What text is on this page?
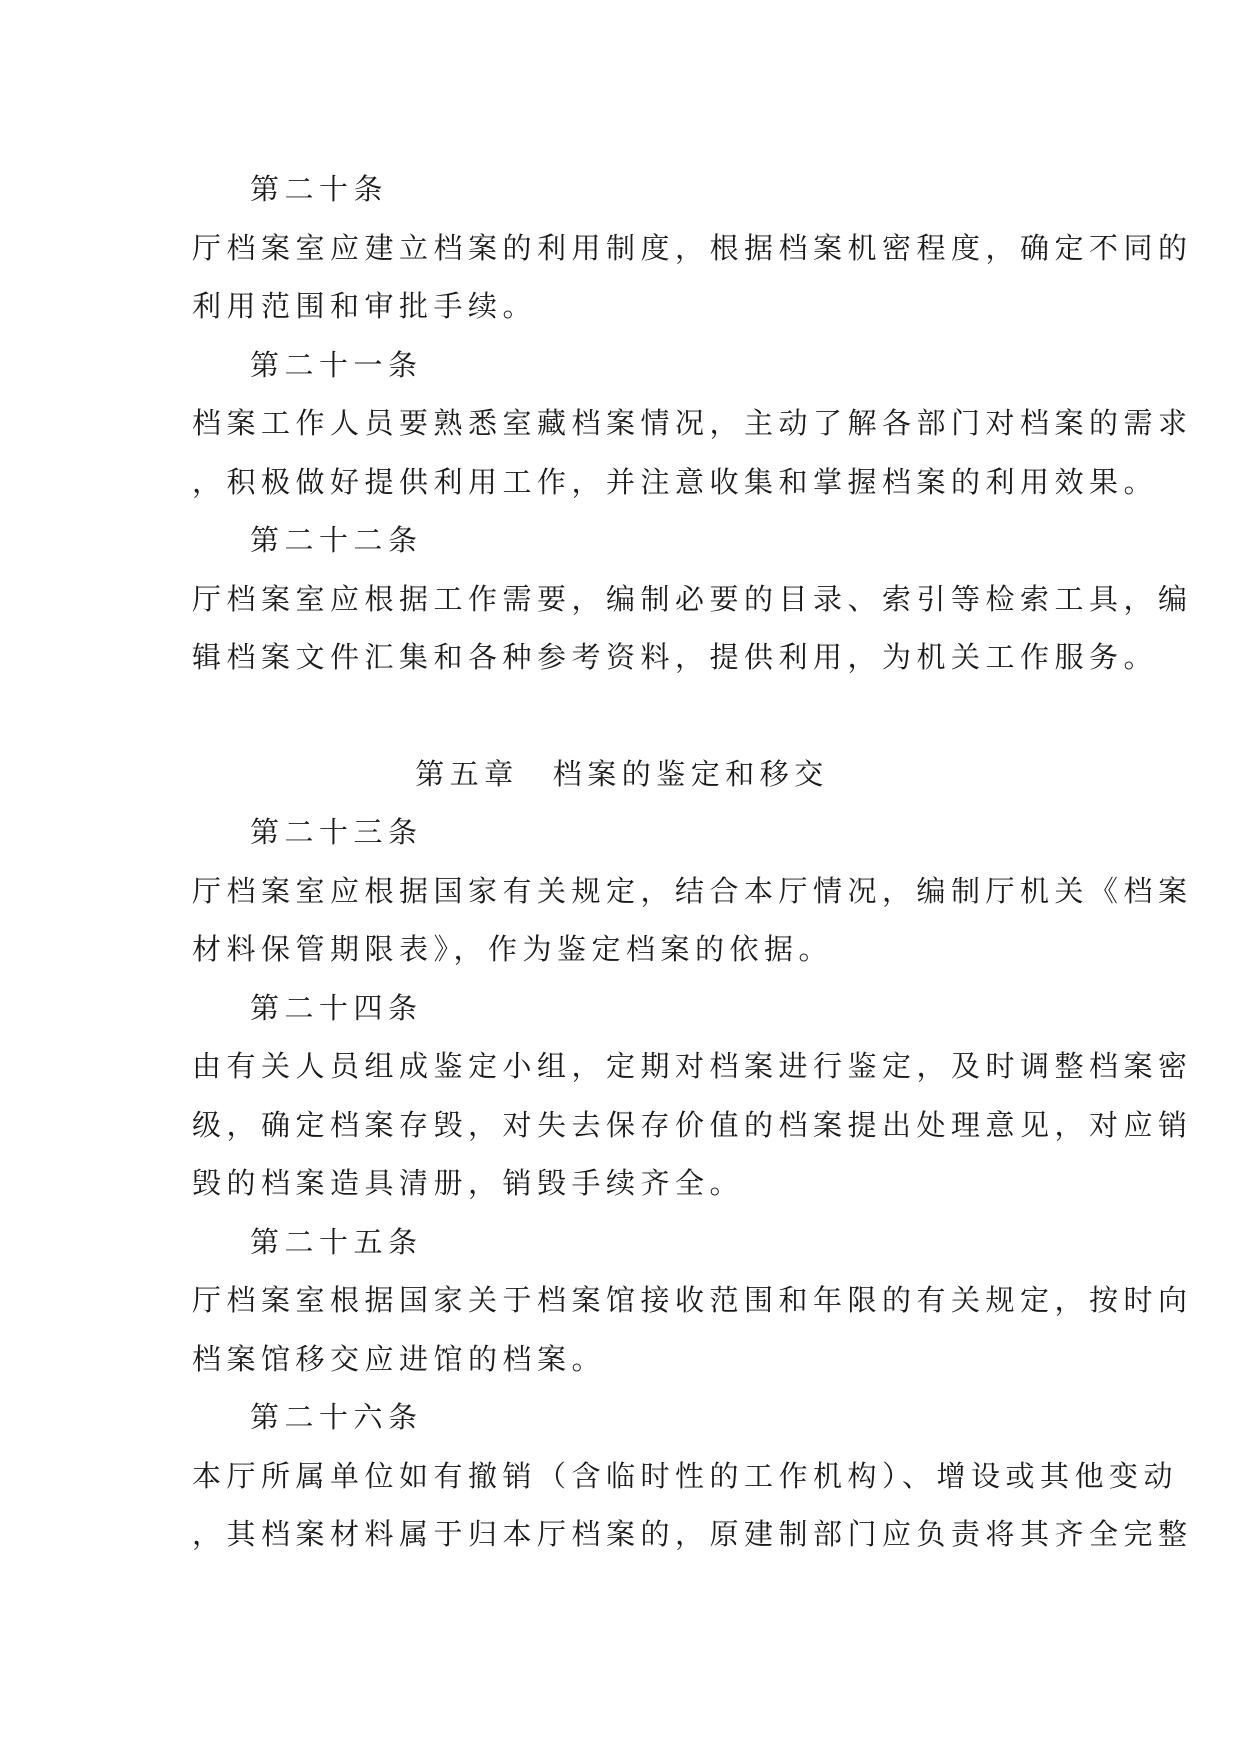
第二十条
厅档案室应建立档案的利用制度，根据档案机密程度，确定不同的
利用范围和审批手续。
第二十一条
档案工作人员要熟悉室藏档案情况，主动了解各部门对档案的需求
，积极做好提供利用工作，并注意收集和掌握档案的利用效果。
第二十二条
厅档案室应根据工作需要，编制必要的目录、索引等检索工具，编
辑档案文件汇集和各种参考资料，提供利用，为机关工作服务。
第五章 档案的鉴定和移交
第二十三条
厅档案室应根据国家有关规定，结合本厅情况，编制厅机关《档案
材料保管期限表》，作为鉴定档案的依据。
第二十四条
由有关人员组成鉴定小组，定期对档案进行鉴定，及时调整档案密
级，确定档案存毁，对失去保存价值的档案提出处理意见，对应销
毁的档案造具清册，销毁手续齐全。
第二十五条
厅档案室根据国家关于档案馆接收范围和年限的有关规定，按时向
档案馆移交应进馆的档案。
第二十六条
本厅所属单位如有撤销（含临时性的工作机构）、增设或其他变动
，其档案材料属于归本厅档案的，原建制部门应负责将其齐全完整
